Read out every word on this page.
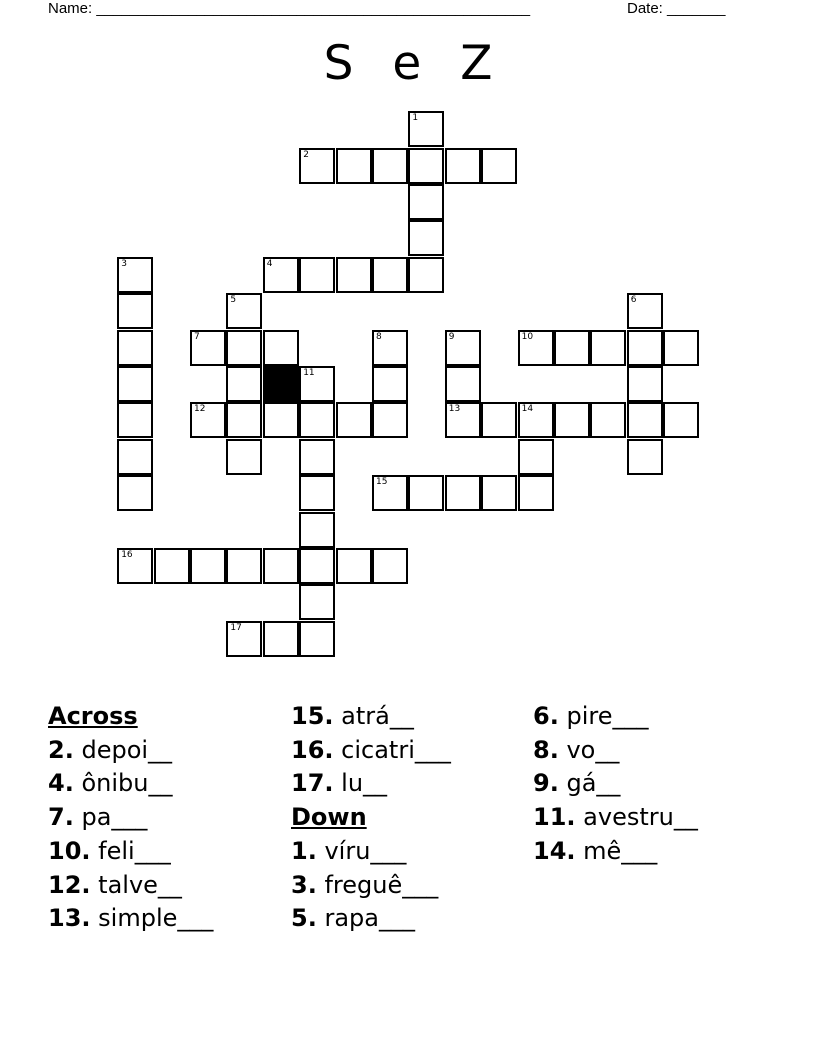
Name: ____________________________________________________	Date: _______
S e Z
1
2
3	4
5	6
7	8	9
13
10
11
12	14
15
16
17
Across
2. depoi__
4. ônibu__
7. pa___
10. feli___
12. talve__
13. simple___
15. atrá__
16. cicatri___
17. lu__
Down
1. víru___
3. freguê___
5. rapa___
6. pire___
8. vo__
9. gá__
11. avestru__
14. mê___
